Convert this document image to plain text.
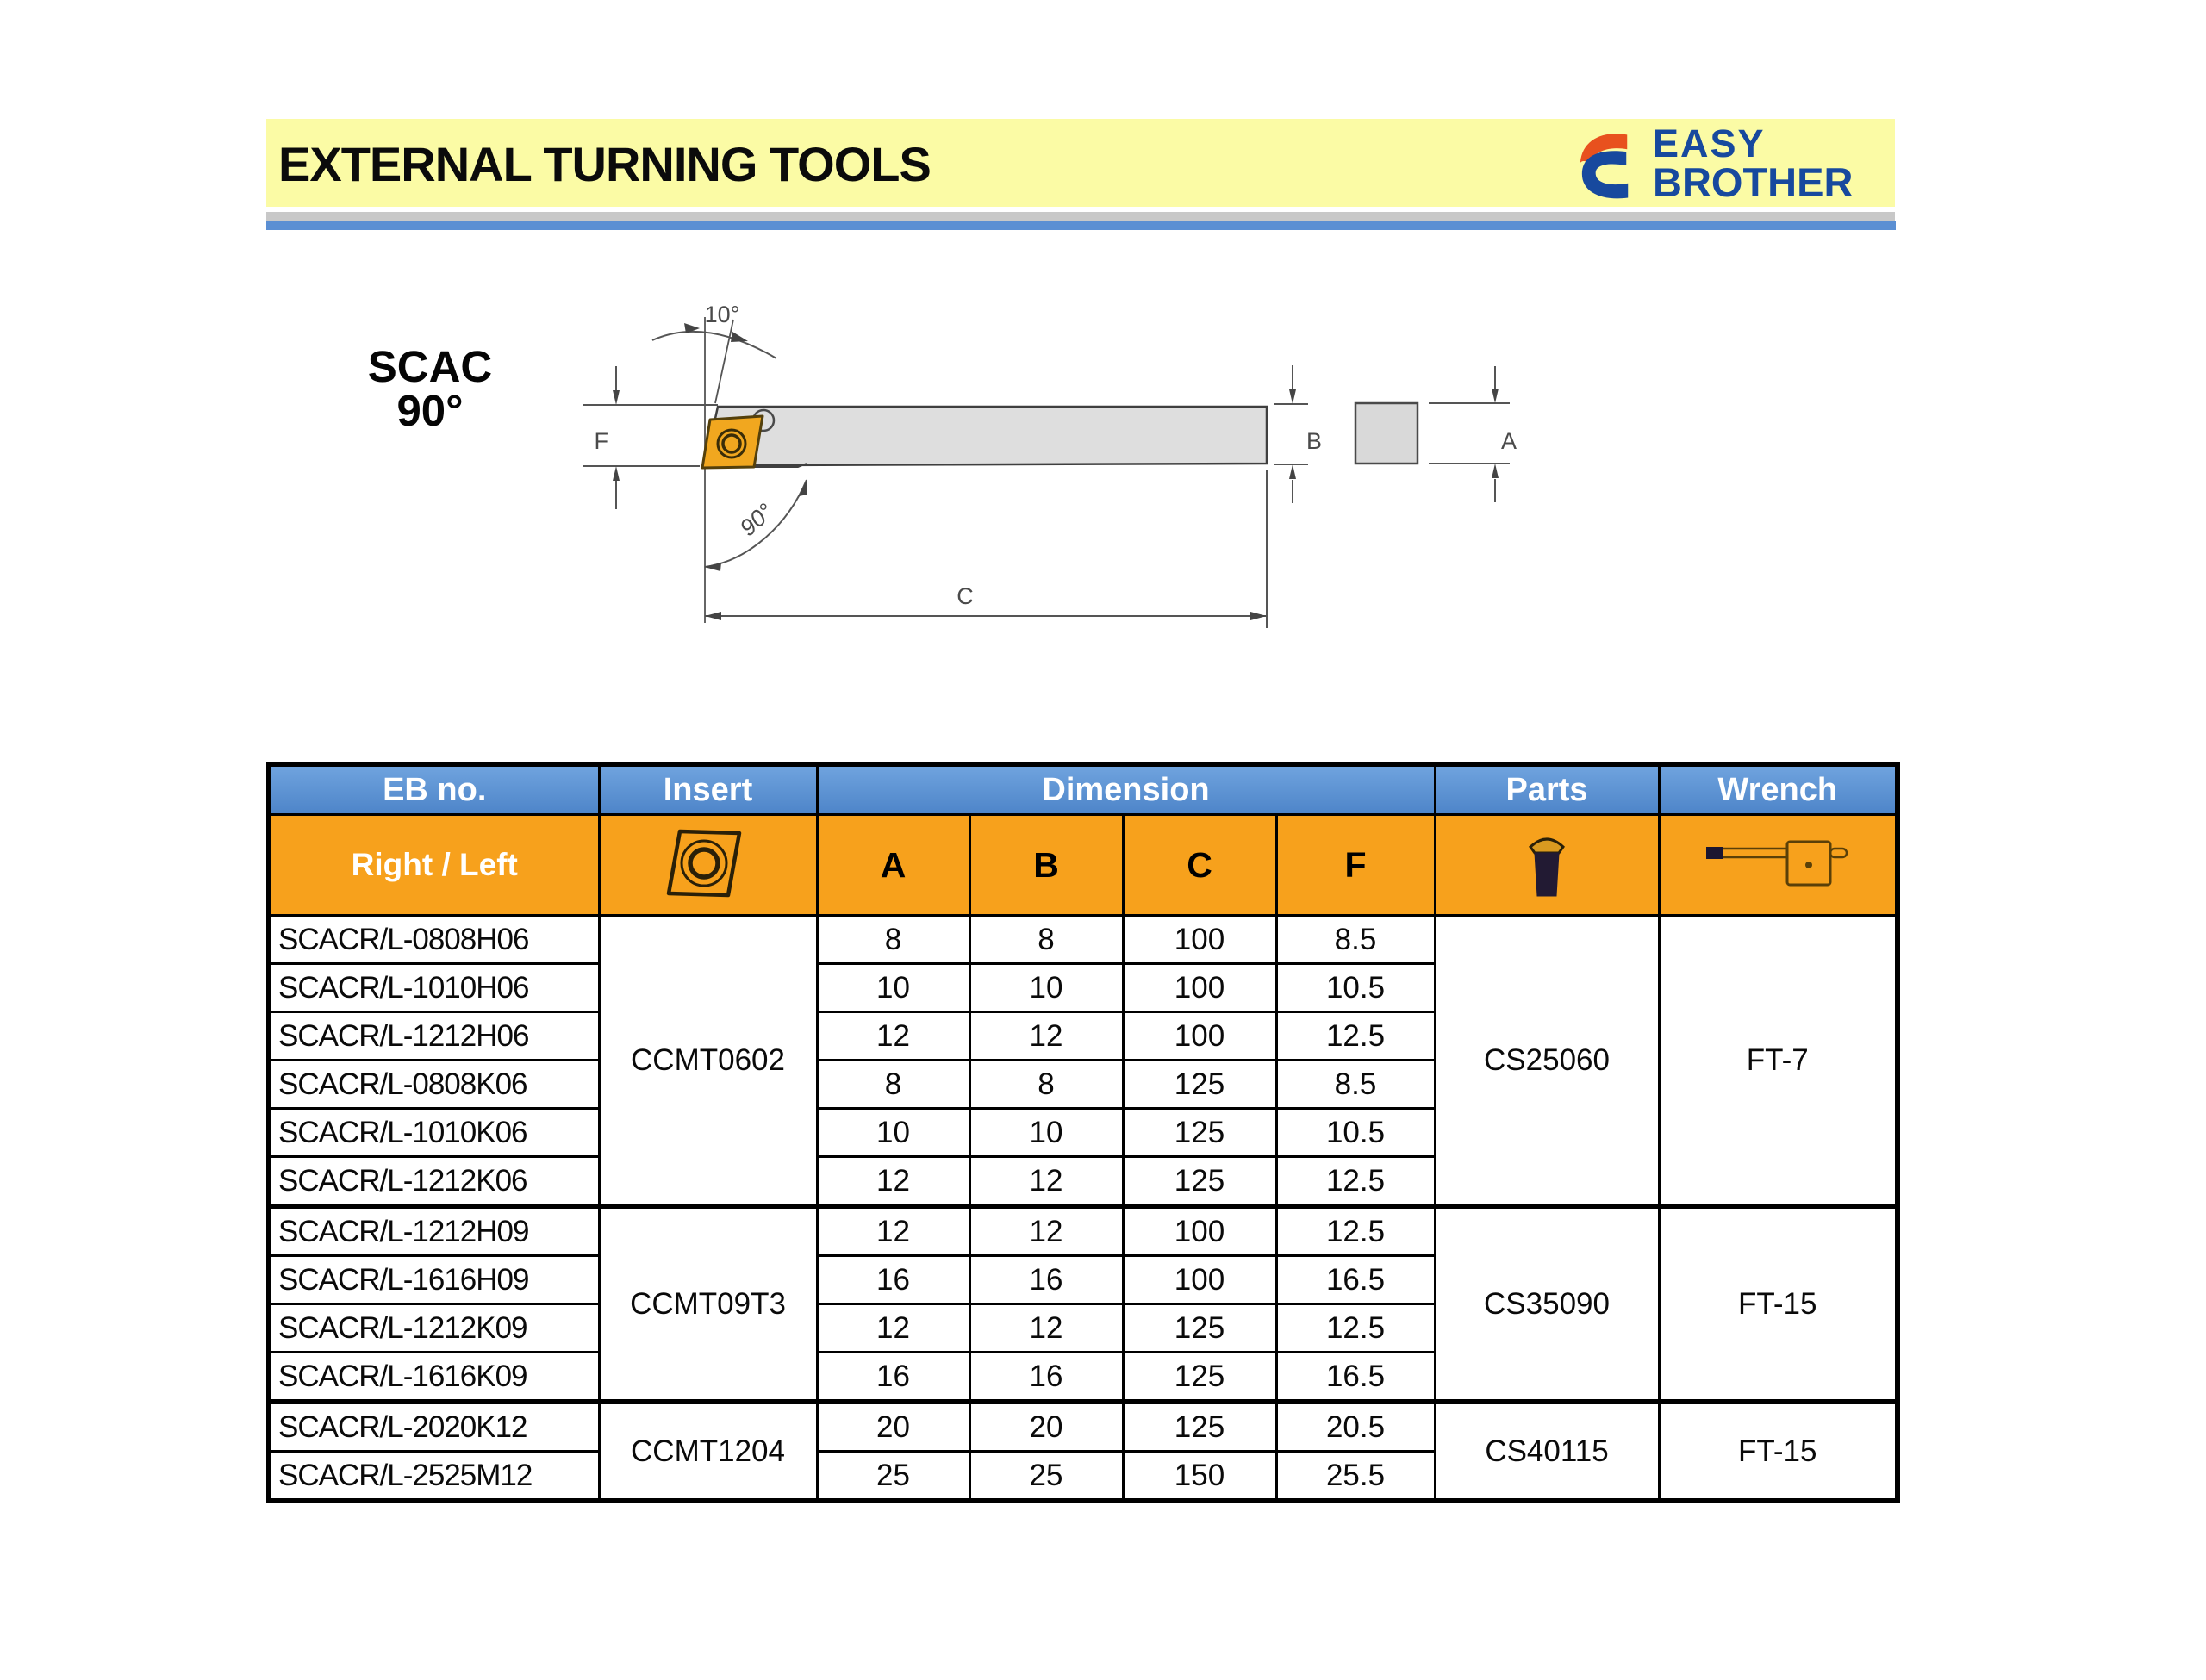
EXTERNAL TURNING TOOLS	EASY
BROTHER
SCAC
90°
10°
F
90°
C
B	A
EB no.	Insert	Dimension				Parts	Wrench
Right / Left		A	B	C	F		
SCACR/L-0808H06	CCMT0602	8	8	100	8.5	CS25060	FT-7
SCACR/L-1010H06		10	10	100	10.5		
SCACR/L-1212H06		12	12	100	12.5		
SCACR/L-0808K06		8	8	125	8.5		
SCACR/L-1010K06		10	10	125	10.5		
SCACR/L-1212K06		12	12	125	12.5		
SCACR/L-1212H09	CCMT09T3	12	12	100	12.5	CS35090	FT-15
SCACR/L-1616H09		16	16	100	16.5		
SCACR/L-1212K09		12	12	125	12.5		
SCACR/L-1616K09		16	16	125	16.5		
SCACR/L-2020K12	CCMT1204	20	20	125	20.5	CS40115	FT-15
SCACR/L-2525M12		25	25	150	25.5		
